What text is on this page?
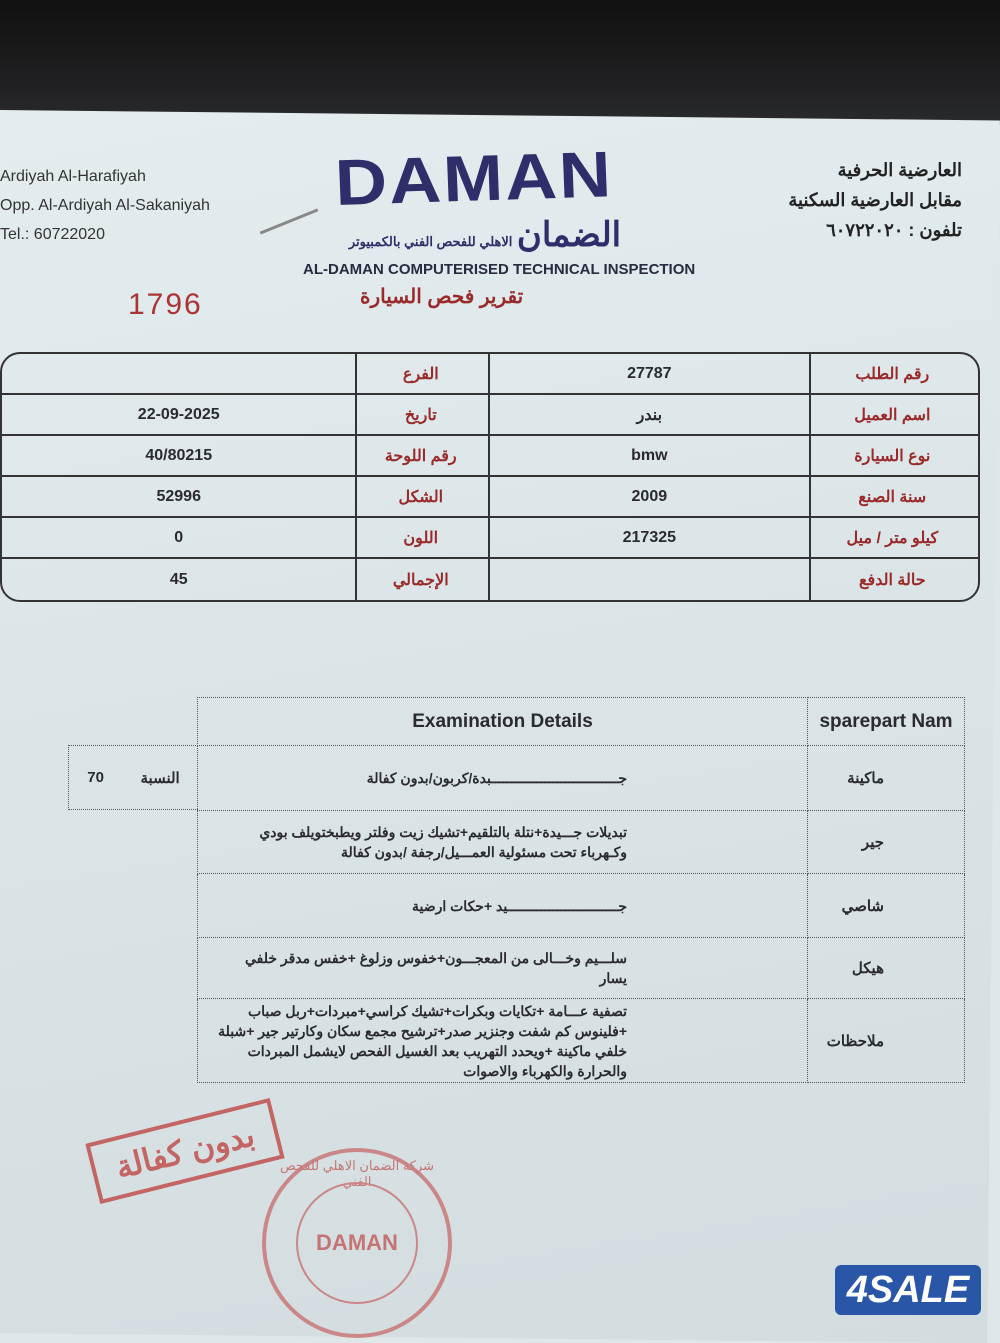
Ardiyah Al-Harafiyah
Opp. Al-Ardiyah Al-Sakaniyah
Tel.: 60722020
العارضية الحرفية
مقابل العارضية السكنية
تلفون : ٦٠٧٢٢٠٢٠
DAMAN
الضمان الاهلي للفحص الفني بالكمبيوتر
AL-DAMAN COMPUTERISED TECHNICAL INSPECTION
تقرير فحص السيارة
1796
	الفرع	27787	رقم الطلب
22-09-2025	تاريخ	بندر	اسم العميل
40/80215	رقم اللوحة	bmw	نوع السيارة
52996	الشكل	2009	سنة الصنع
0	اللون	217325	كيلو متر / ميل
45	الإجمالي		حالة الدفع
Examination Details	sparepart Nam
جـــــــــــــــــــــــــــــــبدة/كربون/بدون كفالة	ماكينة
تبديلات جـــيدة+نتلة بالتلقيم+تشيك زيت وفلتر ويطبختويلف بودي وكـهرباء تحت مسئولية العمـــيل/رجفة /بدون كفالة	جير
جـــــــــــــــــــــــــــيد +حكات ارضية	شاصي
سلـــيم وخـــالى من المعجـــون+خفوس وزلوغ +خفس مدقر خلفي يسار	هيكل
تصفية عـــامة +تكايات وبكرات+تشيك كراسي+مبردات+ربل صباب +فلينوس كم شفت وجنزير صدر+ترشيح مجمع سكان وكارتير جير +شبلة خلفي ماكينة +ويحدد التهريب بعد الغسيل الفحص لايشمل المبردات والحرارة والكهرباء والاصوات	ملاحظات
70 النسبة
بدون كفالة	شركة الضمان الاهلي للفحص الفني
DAMAN
4SALE
